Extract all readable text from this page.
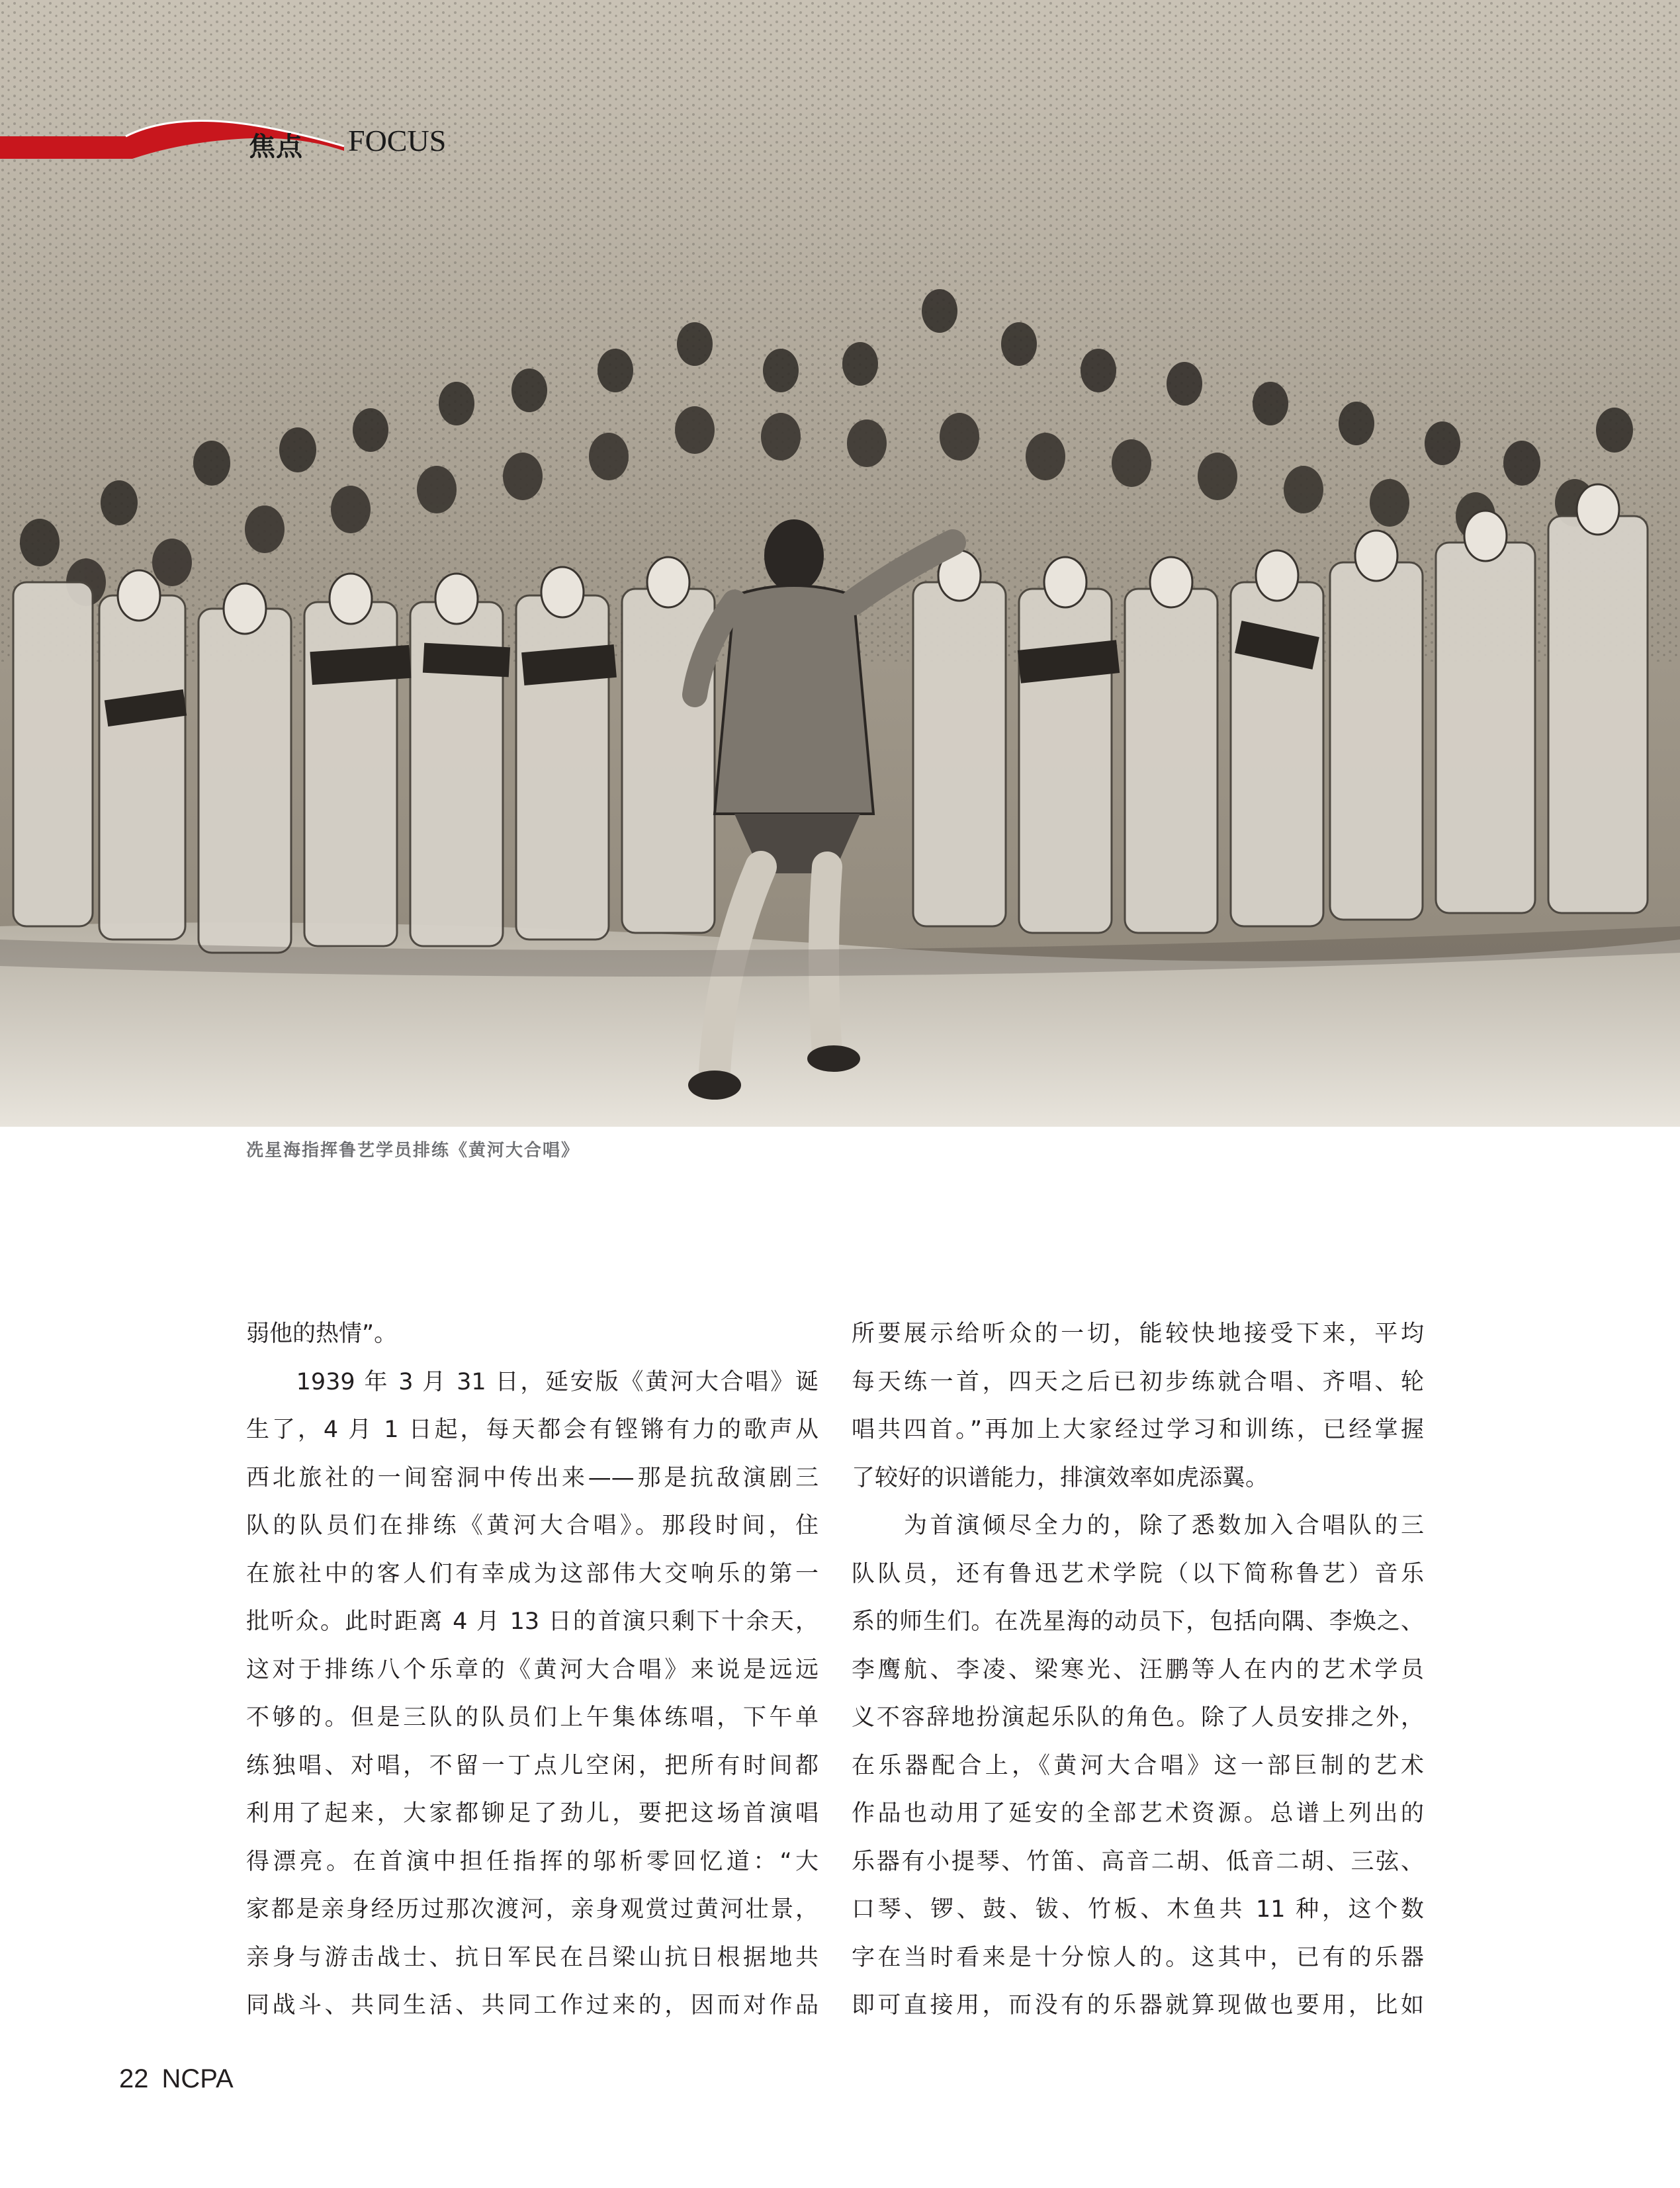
焦点 FOCUS
冼星海指挥鲁艺学员排练《黄河大合唱》

弱他的热情”。

　　1939 年 3 月 31 日，延安版《黄河大合唱》诞

生了，4 月 1 日起，每天都会有铿锵有力的歌声从

西北旅社的一间窑洞中传出来——那是抗敌演剧三

队的队员们在排练《黄河大合唱》。那段时间，住

在旅社中的客人们有幸成为这部伟大交响乐的第一

批听众。此时距离 4 月 13 日的首演只剩下十余天，

这对于排练八个乐章的《黄河大合唱》来说是远远

不够的。但是三队的队员们上午集体练唱，下午单

练独唱、对唱，不留一丁点儿空闲，把所有时间都

利用了起来，大家都铆足了劲儿，要把这场首演唱

得漂亮。在首演中担任指挥的邬析零回忆道：“大

家都是亲身经历过那次渡河，亲身观赏过黄河壮景，

亲身与游击战士、抗日军民在吕梁山抗日根据地共

同战斗、共同生活、共同工作过来的，因而对作品

所要展示给听众的一切，能较快地接受下来，平均

每天练一首，四天之后已初步练就合唱、齐唱、轮

唱共四首。”再加上大家经过学习和训练，已经掌握

了较好的识谱能力，排演效率如虎添翼。

　　为首演倾尽全力的，除了悉数加入合唱队的三

队队员，还有鲁迅艺术学院（以下简称鲁艺）音乐

系的师生们。在冼星海的动员下，包括向隅、李焕之、

李鹰航、李凌、梁寒光、汪鹏等人在内的艺术学员

义不容辞地扮演起乐队的角色。除了人员安排之外，

在乐器配合上，《黄河大合唱》这一部巨制的艺术

作品也动用了延安的全部艺术资源。总谱上列出的

乐器有小提琴、竹笛、高音二胡、低音二胡、三弦、

口琴、锣、鼓、钹、竹板、木鱼共 11 种，这个数

字在当时看来是十分惊人的。这其中，已有的乐器

即可直接用，而没有的乐器就算现做也要用，比如

22 NCPA
